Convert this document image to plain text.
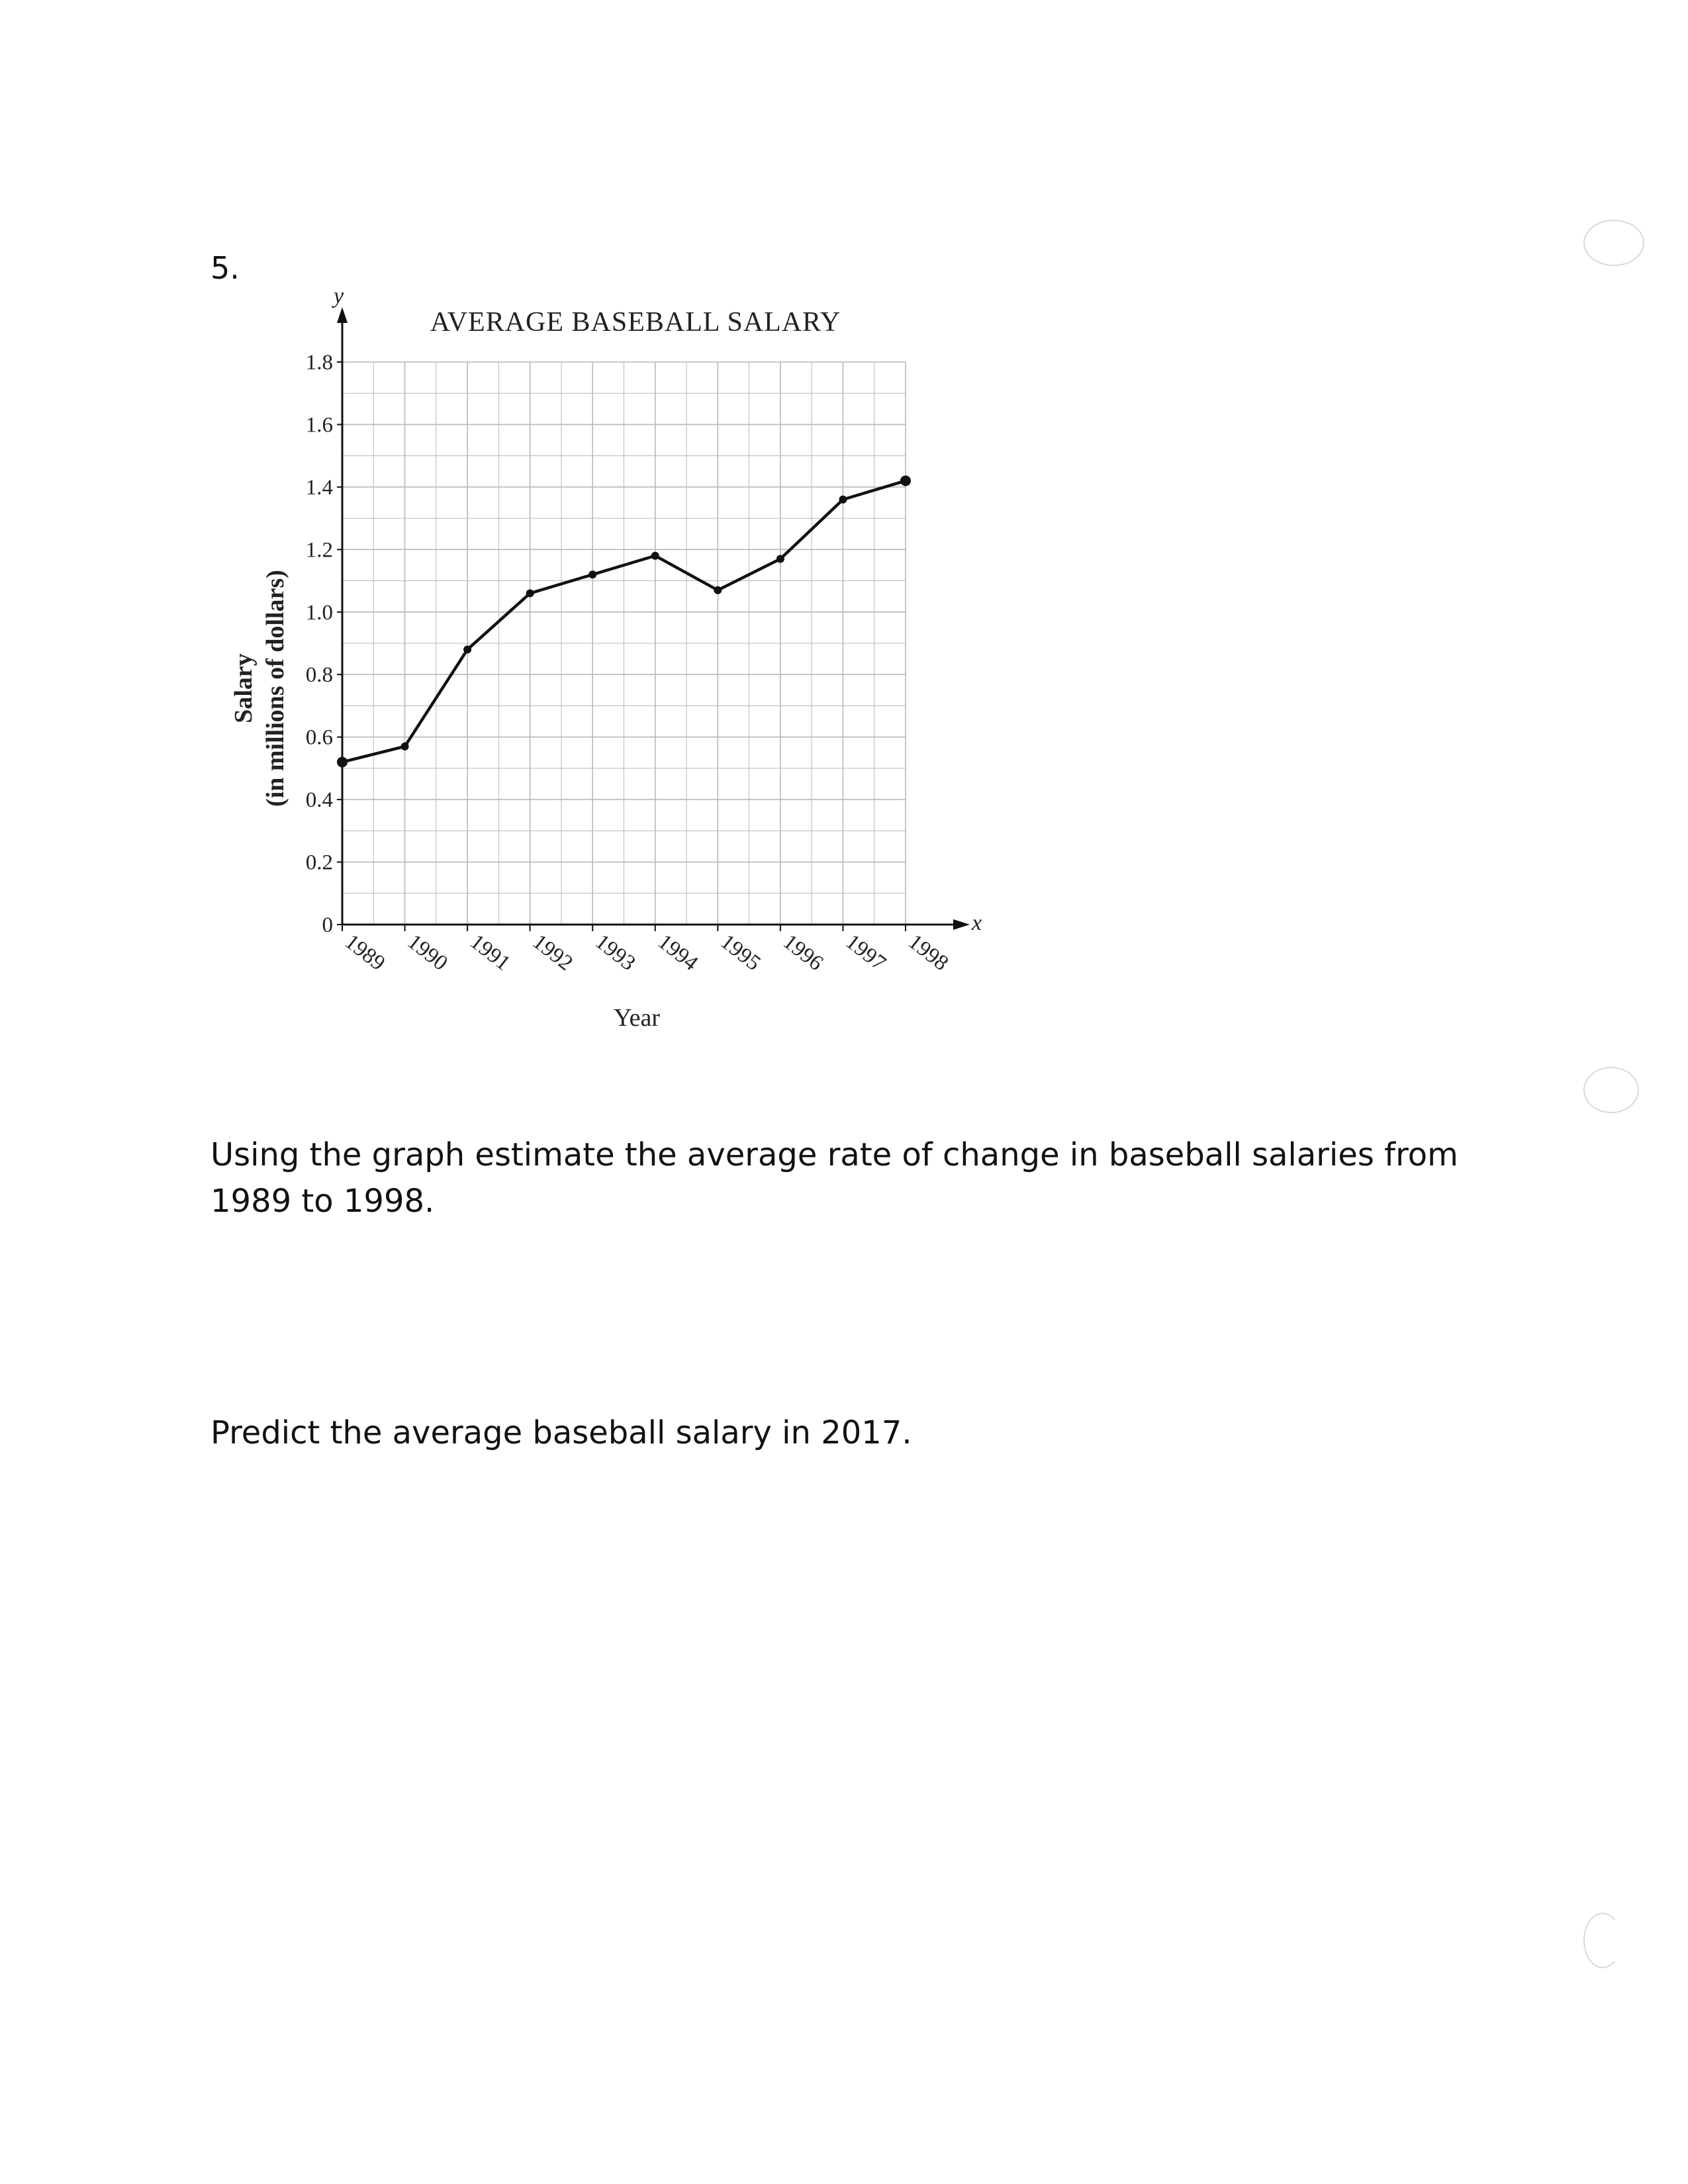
5.
AVERAGE BASEBALL SALARY
0
0.2
0.4
0.6
0.8
1.0
1.2
1.4
1.6
1.8
1989 1990 1991 1992 1993 1994 1995 1996 1997 1998
Salary (in millions of dollars)
Year
x
y
Using the graph estimate the average rate of change in baseball salaries from 1989 to 1998.
Predict the average baseball salary in 2017.
